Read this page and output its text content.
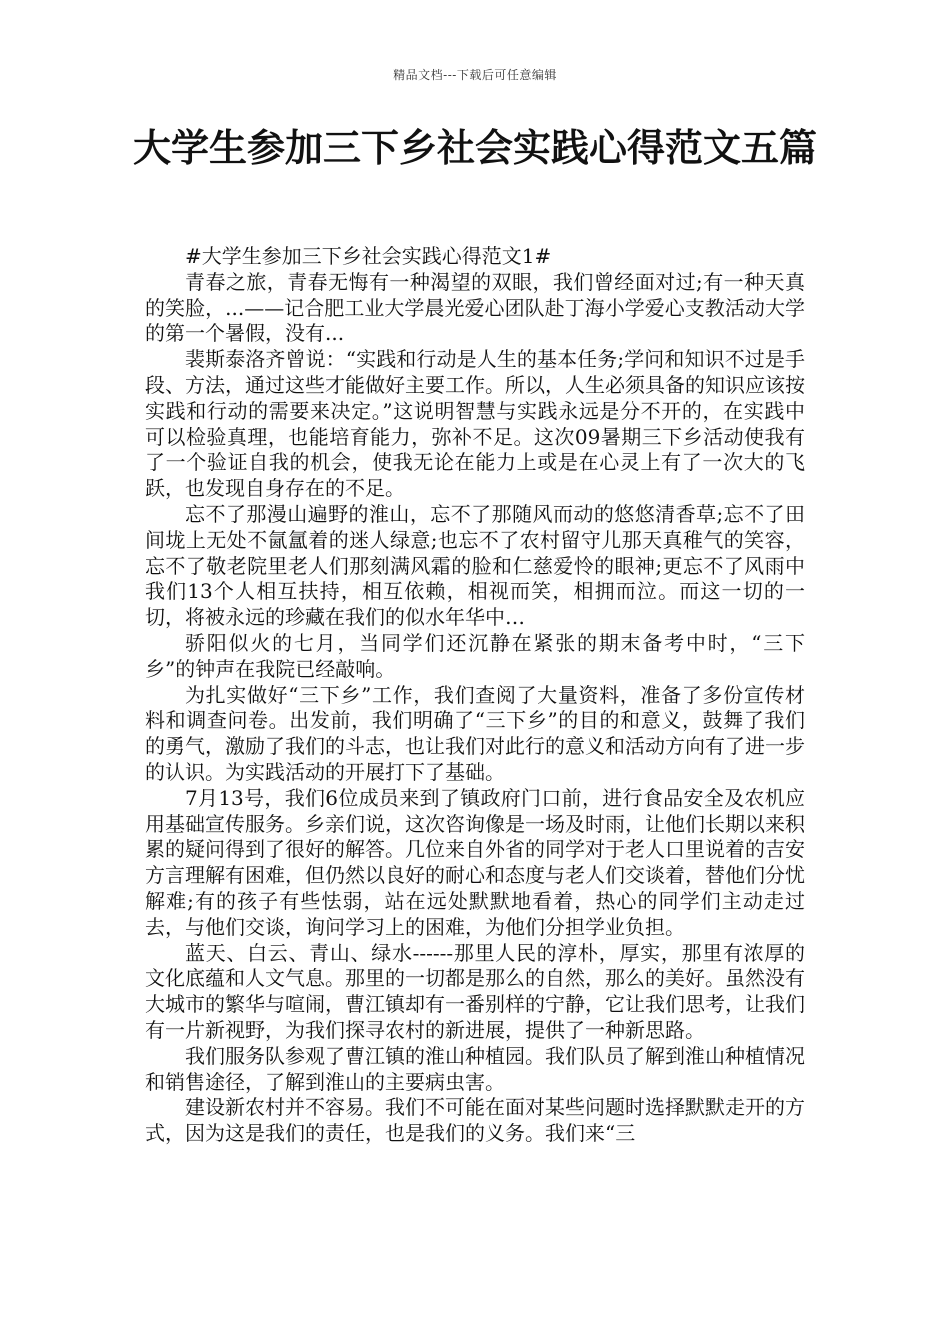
精品文档---下载后可任意编辑
大学生参加三下乡社会实践心得范文五篇

#大学生参加三下乡社会实践心得范文1#

青春之旅，青春无悔有一种渴望的双眼，我们曾经面对过;有一种天真的笑脸，...——记合肥工业大学晨光爱心团队赴丁海小学爱心支教活动大学的第一个暑假，没有...

裴斯泰洛齐曾说：“实践和行动是人生的基本任务;学问和知识不过是手段、方法，通过这些才能做好主要工作。所以，人生必须具备的知识应该按实践和行动的需要来决定。”这说明智慧与实践永远是分不开的，在实践中可以检验真理，也能培育能力，弥补不足。这次09暑期三下乡活动使我有了一个验证自我的机会，使我无论在能力上或是在心灵上有了一次大的飞跃，也发现自身存在的不足。

忘不了那漫山遍野的淮山，忘不了那随风而动的悠悠清香草;忘不了田间垅上无处不氤氲着的迷人绿意;也忘不了农村留守儿那天真稚气的笑容，忘不了敬老院里老人们那刻满风霜的脸和仁慈爱怜的眼神;更忘不了风雨中我们13个人相互扶持，相互依赖，相视而笑，相拥而泣。而这一切的一切，将被永远的珍藏在我们的似水年华中…

骄阳似火的七月，当同学们还沉静在紧张的期末备考中时，“三下乡”的钟声在我院已经敲响。

为扎实做好“三下乡”工作，我们查阅了大量资料，准备了多份宣传材料和调查问卷。出发前，我们明确了“三下乡”的目的和意义，鼓舞了我们的勇气，激励了我们的斗志，也让我们对此行的意义和活动方向有了进一步的认识。为实践活动的开展打下了基础。

7月13号，我们6位成员来到了镇政府门口前，进行食品安全及农机应用基础宣传服务。乡亲们说，这次咨询像是一场及时雨，让他们长期以来积累的疑问得到了很好的解答。几位来自外省的同学对于老人口里说着的吉安方言理解有困难，但仍然以良好的耐心和态度与老人们交谈着，替他们分忧解难;有的孩子有些怯弱，站在远处默默地看着，热心的同学们主动走过去，与他们交谈，询问学习上的困难，为他们分担学业负担。

蓝天、白云、青山、绿水------那里人民的淳朴，厚实，那里有浓厚的文化底蕴和人文气息。那里的一切都是那么的自然，那么的美好。虽然没有大城市的繁华与喧闹，曹江镇却有一番别样的宁静，它让我们思考，让我们有一片新视野，为我们探寻农村的新进展，提供了一种新思路。

我们服务队参观了曹江镇的淮山种植园。我们队员了解到淮山种植情况和销售途径，了解到淮山的主要病虫害。

建设新农村并不容易。我们不可能在面对某些问题时选择默默走开的方式，因为这是我们的责任，也是我们的义务。我们来“三
